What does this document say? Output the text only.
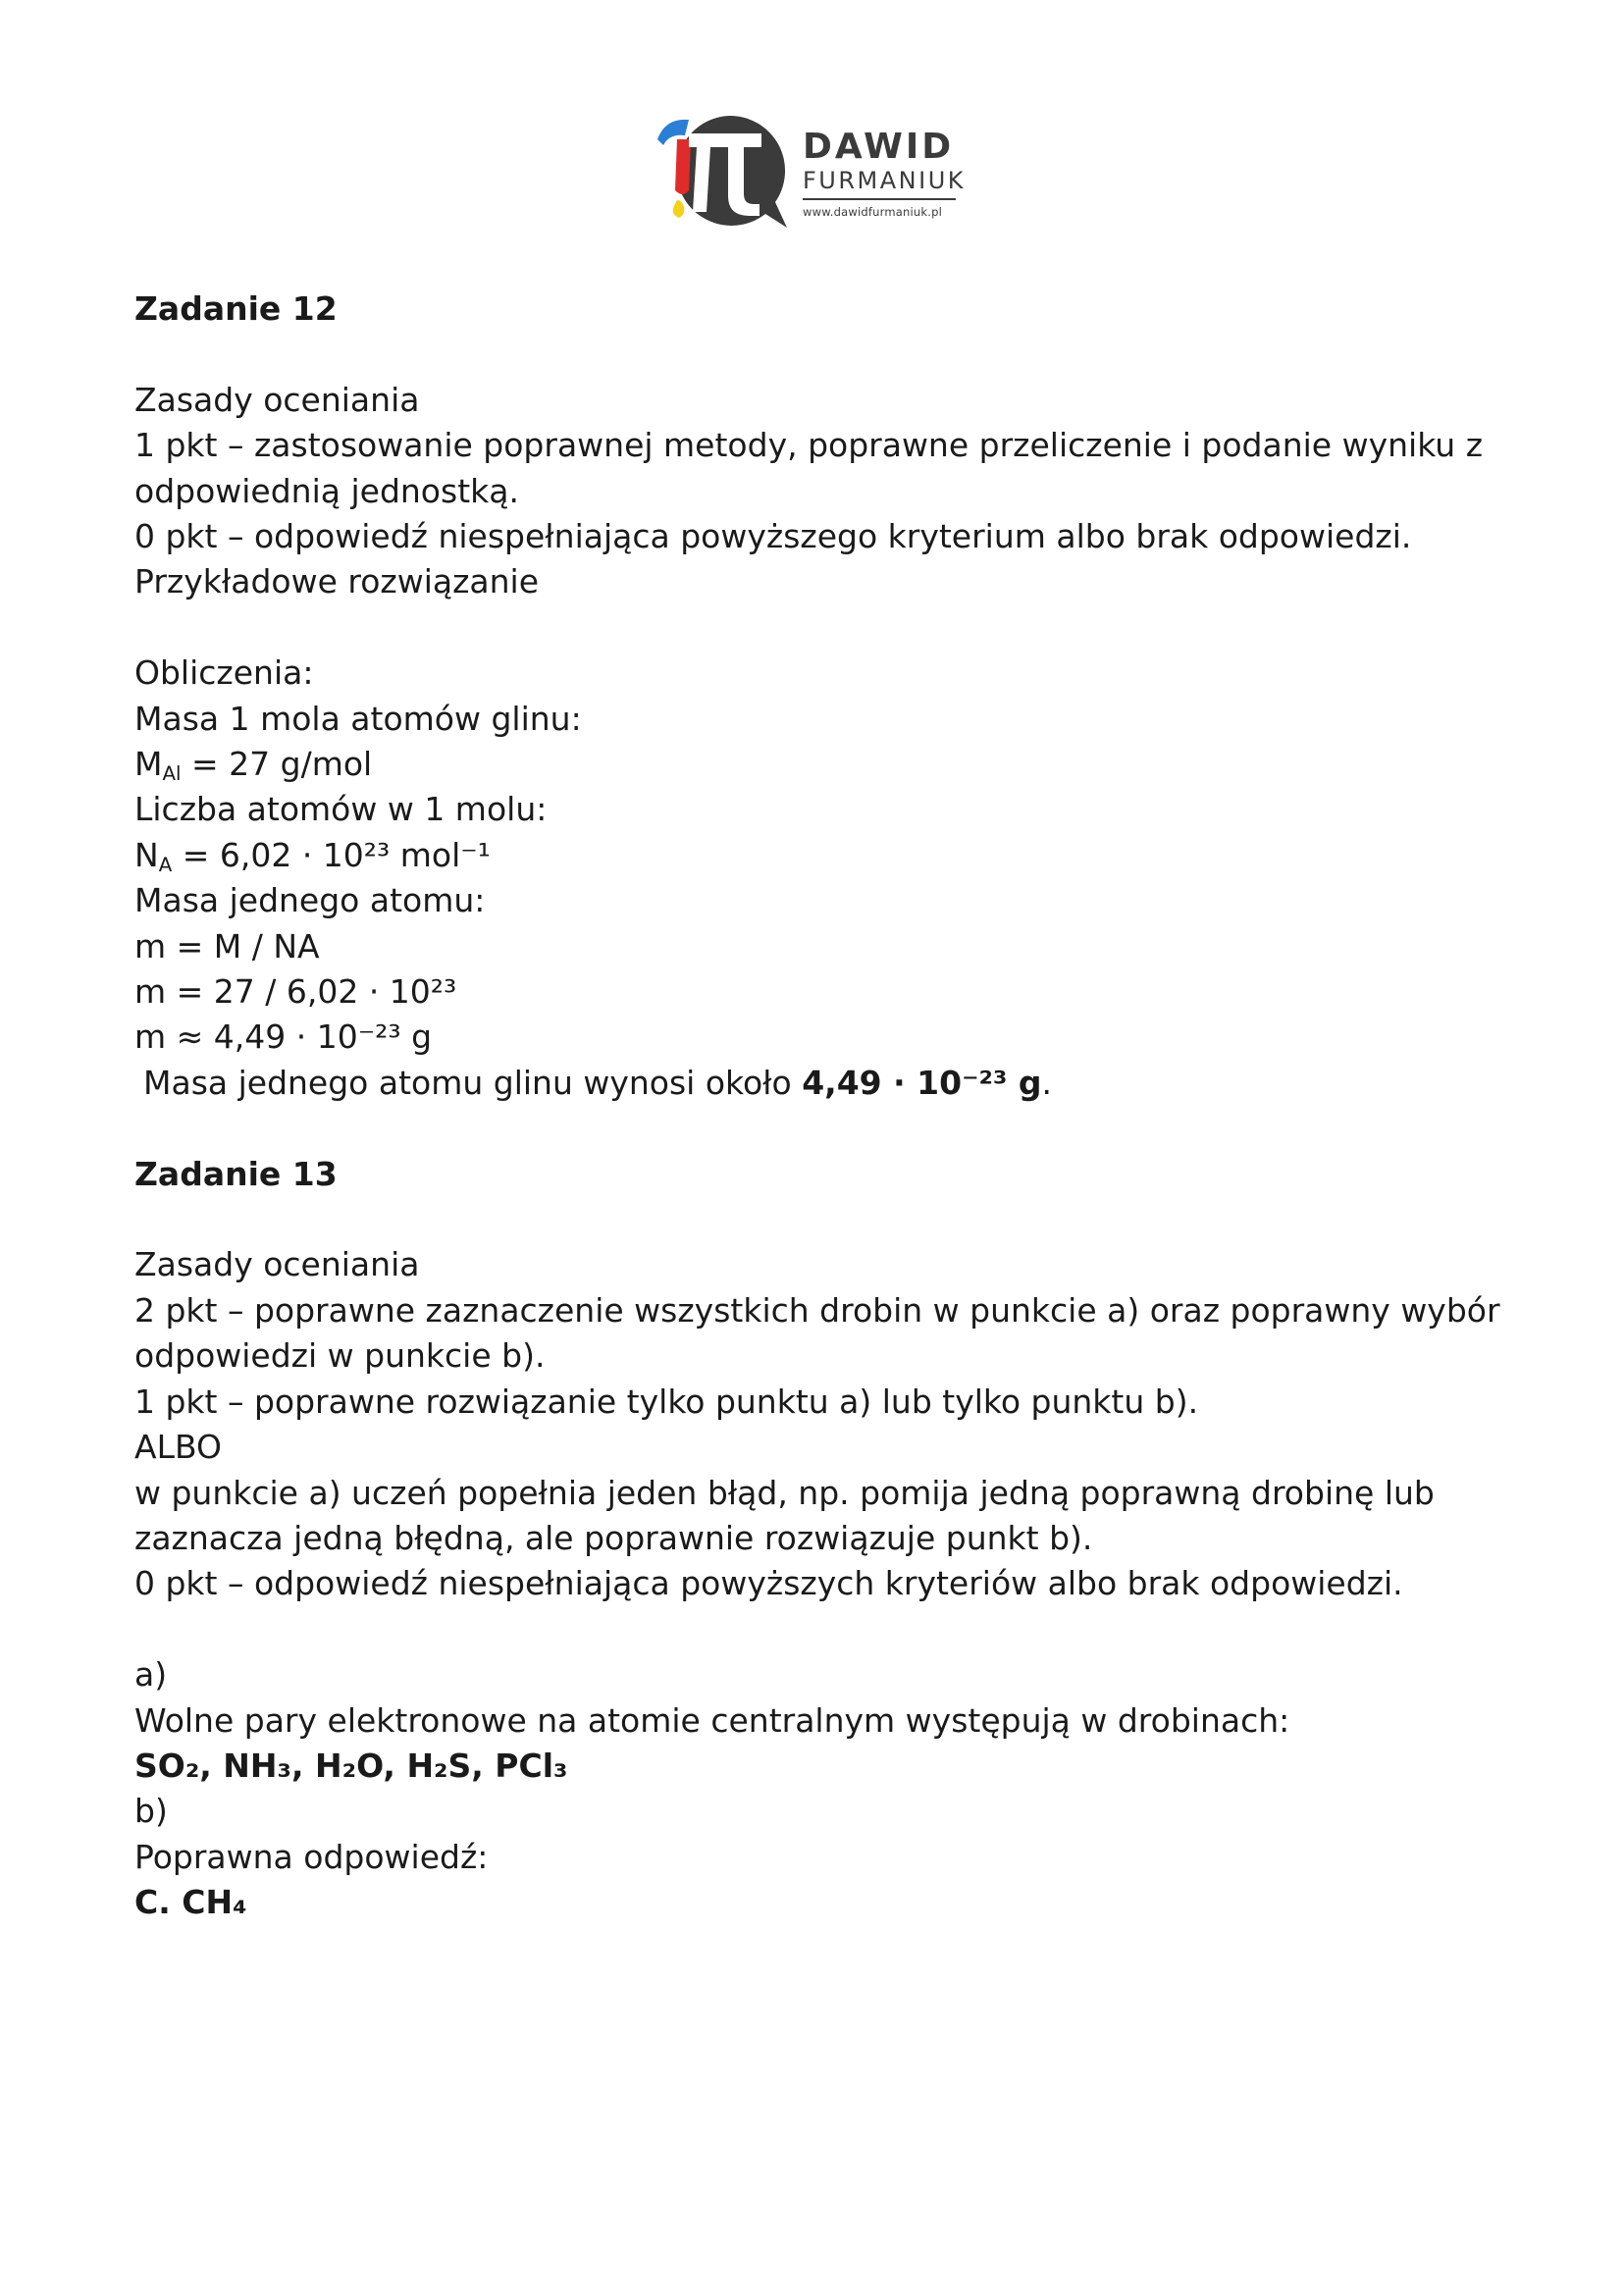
DAWID
FURMANIUK
www.dawidfurmaniuk.pl
Zadanie 12
Zasady oceniania
1 pkt – zastosowanie poprawnej metody, poprawne przeliczenie i podanie wyniku z
odpowiednią jednostką.
0 pkt – odpowiedź niespełniająca powyższego kryterium albo brak odpowiedzi.
Przykładowe rozwiązanie
Obliczenia:
Masa 1 mola atomów glinu:
$M_{Al} = 27$ g/mol
Liczba atomów w 1 molu:
$N_A = 6,02 \cdot 10^{23}$ mol⁻¹
Masa jednego atomu:
m = M / NA
m = 27 / 6,02 · 10²³
m ≈ 4,49 · 10⁻²³ g
Masa jednego atomu glinu wynosi około 4,49 · 10⁻²³ g.
Zadanie 13
Zasady oceniania
2 pkt – poprawne zaznaczenie wszystkich drobin w punkcie a) oraz poprawny wybór
odpowiedzi w punkcie b).
1 pkt – poprawne rozwiązanie tylko punktu a) lub tylko punktu b).
ALBO
w punkcie a) uczeń popełnia jeden błąd, np. pomija jedną poprawną drobinę lub
zaznacza jedną błędną, ale poprawnie rozwiązuje punkt b).
0 pkt – odpowiedź niespełniająca powyższych kryteriów albo brak odpowiedzi.
a)
Wolne pary elektronowe na atomie centralnym występują w drobinach:
SO₂, NH₃, H₂O, H₂S, PCl₃
b)
Poprawna odpowiedź:
C. CH₄
